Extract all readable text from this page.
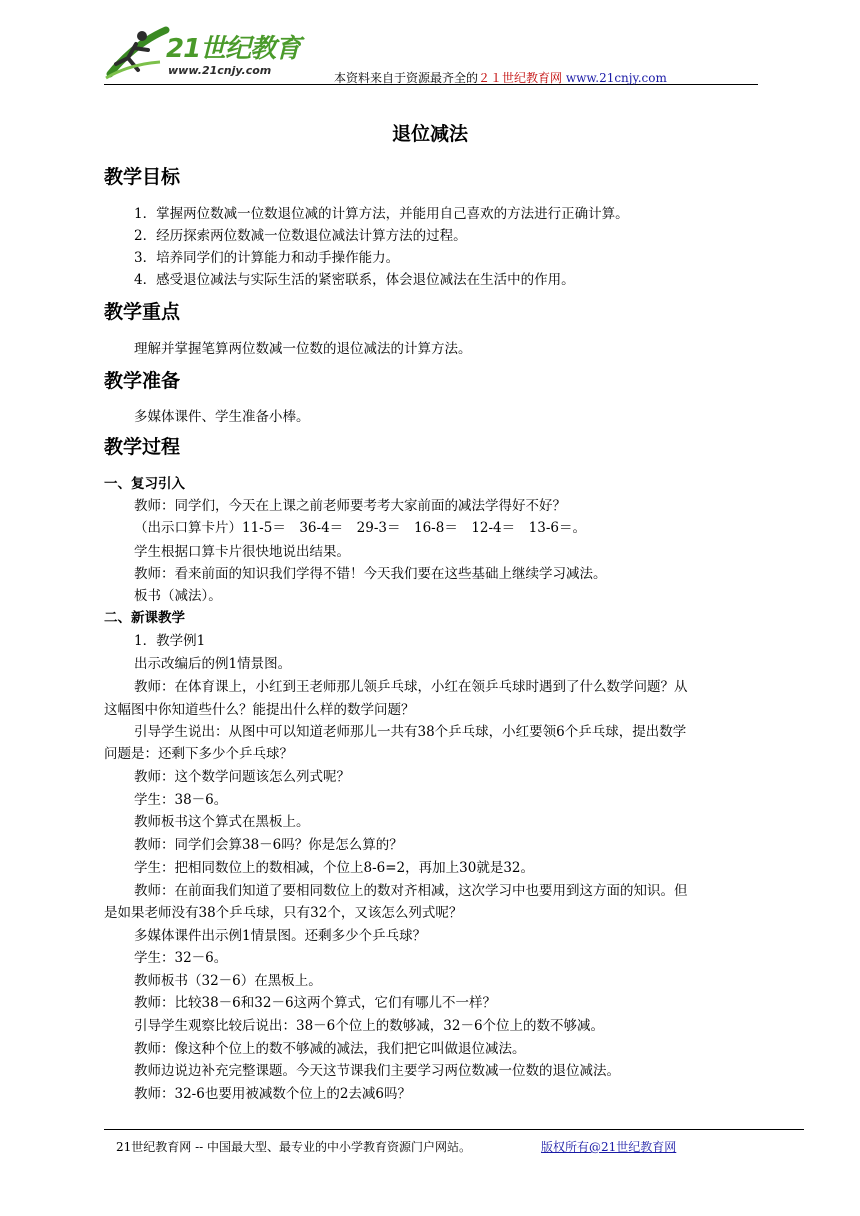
21世纪教育
www.21cnjy.com
本资料来自于资源最齐全的２１世纪教育网 www.21cnjy.com
退位减法
教学目标
1．掌握两位数减一位数退位减的计算方法，并能用自己喜欢的方法进行正确计算。
2．经历探索两位数减一位数退位减法计算方法的过程。
3．培养同学们的计算能力和动手操作能力。
4．感受退位减法与实际生活的紧密联系，体会退位减法在生活中的作用。
教学重点
理解并掌握笔算两位数减一位数的退位减法的计算方法。
教学准备
多媒体课件、学生准备小棒。
教学过程
一、复习引入
教师：同学们，今天在上课之前老师要考考大家前面的减法学得好不好？
（出示口算卡片）11-5＝　36-4＝　29-3＝　16-8＝　12-4＝　13-6＝。
学生根据口算卡片很快地说出结果。
教师：看来前面的知识我们学得不错！今天我们要在这些基础上继续学习减法。
板书（减法）。
二、新课教学
1．教学例1
出示改编后的例1情景图。
教师：在体育课上，小红到王老师那儿领乒乓球，小红在领乒乓球时遇到了什么数学问题？从
这幅图中你知道些什么？能提出什么样的数学问题？
引导学生说出：从图中可以知道老师那儿一共有38个乒乓球，小红要领6个乒乓球，提出数学
问题是：还剩下多少个乒乓球？
教师：这个数学问题该怎么列式呢？
学生：38－6。
教师板书这个算式在黑板上。
教师：同学们会算38－6吗？你是怎么算的？
学生：把相同数位上的数相减，个位上8-6=2，再加上30就是32。
教师：在前面我们知道了要相同数位上的数对齐相减，这次学习中也要用到这方面的知识。但
是如果老师没有38个乒乓球，只有32个，又该怎么列式呢？
多媒体课件出示例1情景图。还剩多少个乒乓球？
学生：32－6。
教师板书（32－6）在黑板上。
教师：比较38－6和32－6这两个算式，它们有哪儿不一样？
引导学生观察比较后说出：38－6个位上的数够减，32－6个位上的数不够减。
教师：像这种个位上的数不够减的减法，我们把它叫做退位减法。
教师边说边补充完整课题。今天这节课我们主要学习两位数减一位数的退位减法。
教师：32-6也要用被减数个位上的2去减6吗？
21世纪教育网 -- 中国最大型、最专业的中小学教育资源门户网站。	版权所有@21世纪教育网
